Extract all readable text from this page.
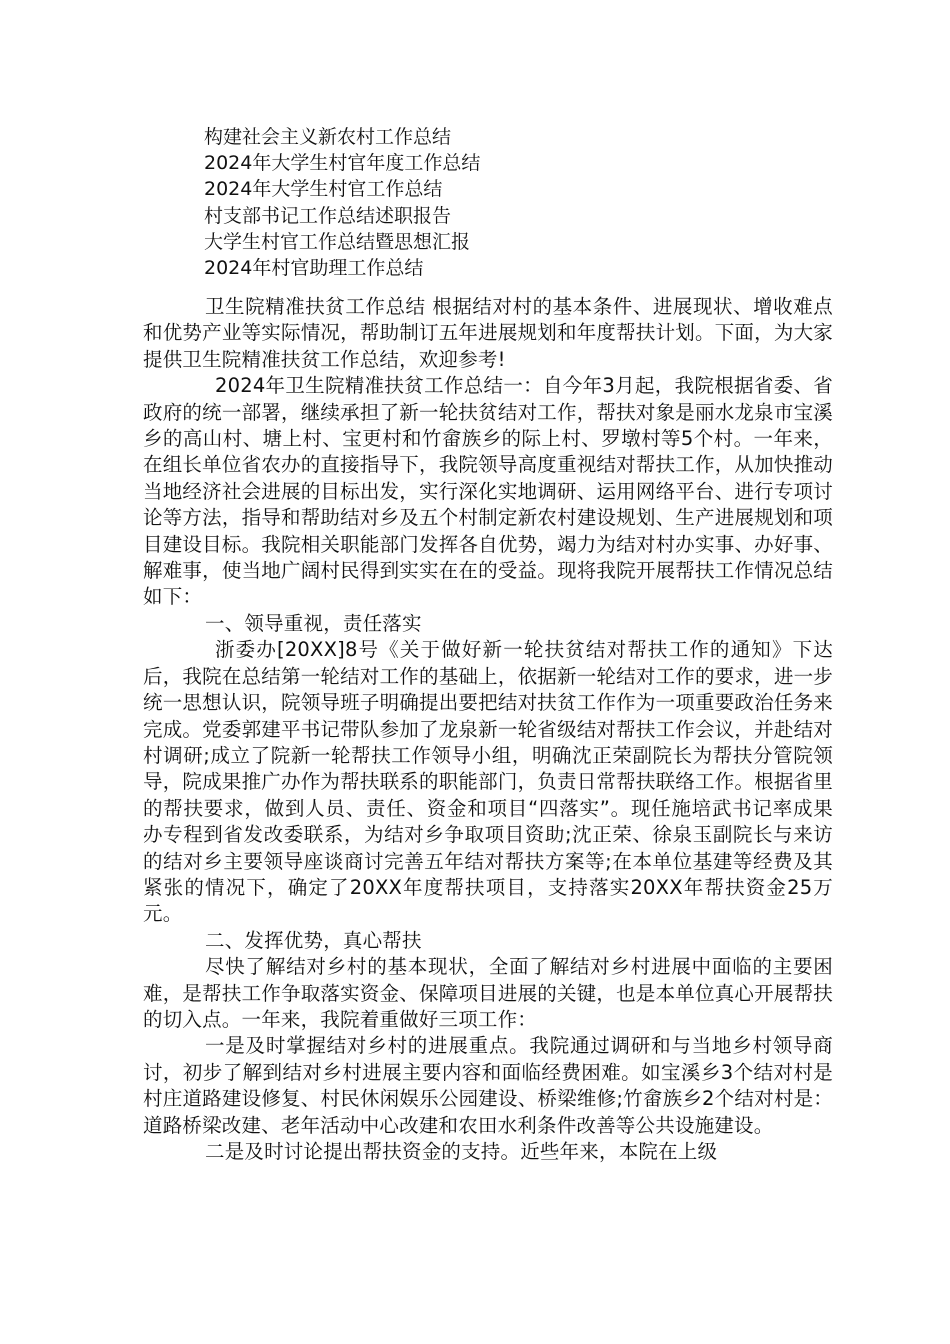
构建社会主义新农村工作总结
2024年大学生村官年度工作总结
2024年大学生村官工作总结
村支部书记工作总结述职报告
大学生村官工作总结暨思想汇报
2024年村官助理工作总结

卫生院精准扶贫工作总结 根据结对村的基本条件、进展现状、增收难点和优势产业等实际情况，帮助制订五年进展规划和年度帮扶计划。下面，为大家提供卫生院精准扶贫工作总结，欢迎参考!

2024年卫生院精准扶贫工作总结一：自今年3月起，我院根据省委、省政府的统一部署，继续承担了新一轮扶贫结对工作，帮扶对象是丽水龙泉市宝溪乡的高山村、塘上村、宝更村和竹畲族乡的际上村、罗墩村等5个村。一年来，在组长单位省农办的直接指导下，我院领导高度重视结对帮扶工作，从加快推动当地经济社会进展的目标出发，实行深化实地调研、运用网络平台、进行专项讨论等方法，指导和帮助结对乡及五个村制定新农村建设规划、生产进展规划和项目建设目标。我院相关职能部门发挥各自优势，竭力为结对村办实事、办好事、解难事，使当地广阔村民得到实实在在的受益。现将我院开展帮扶工作情况总结如下：

一、领导重视，责任落实

浙委办[20XX]8号《关于做好新一轮扶贫结对帮扶工作的通知》下达后，我院在总结第一轮结对工作的基础上，依据新一轮结对工作的要求，进一步统一思想认识，院领导班子明确提出要把结对扶贫工作作为一项重要政治任务来完成。党委郭建平书记带队参加了龙泉新一轮省级结对帮扶工作会议，并赴结对村调研;成立了院新一轮帮扶工作领导小组，明确沈正荣副院长为帮扶分管院领导，院成果推广办作为帮扶联系的职能部门，负责日常帮扶联络工作。根据省里的帮扶要求，做到人员、责任、资金和项目“四落实”。现任施培武书记率成果办专程到省发改委联系，为结对乡争取项目资助;沈正荣、徐泉玉副院长与来访的结对乡主要领导座谈商讨完善五年结对帮扶方案等;在本单位基建等经费及其紧张的情况下，确定了20XX年度帮扶项目，支持落实20XX年帮扶资金25万元。

二、发挥优势，真心帮扶

尽快了解结对乡村的基本现状，全面了解结对乡村进展中面临的主要困难，是帮扶工作争取落实资金、保障项目进展的关键，也是本单位真心开展帮扶的切入点。一年来，我院着重做好三项工作：

一是及时掌握结对乡村的进展重点。我院通过调研和与当地乡村领导商讨，初步了解到结对乡村进展主要内容和面临经费困难。如宝溪乡3个结对村是村庄道路建设修复、村民休闲娱乐公园建设、桥梁维修;竹畲族乡2个结对村是：道路桥梁改建、老年活动中心改建和农田水利条件改善等公共设施建设。

二是及时讨论提出帮扶资金的支持。近些年来，本院在上级
